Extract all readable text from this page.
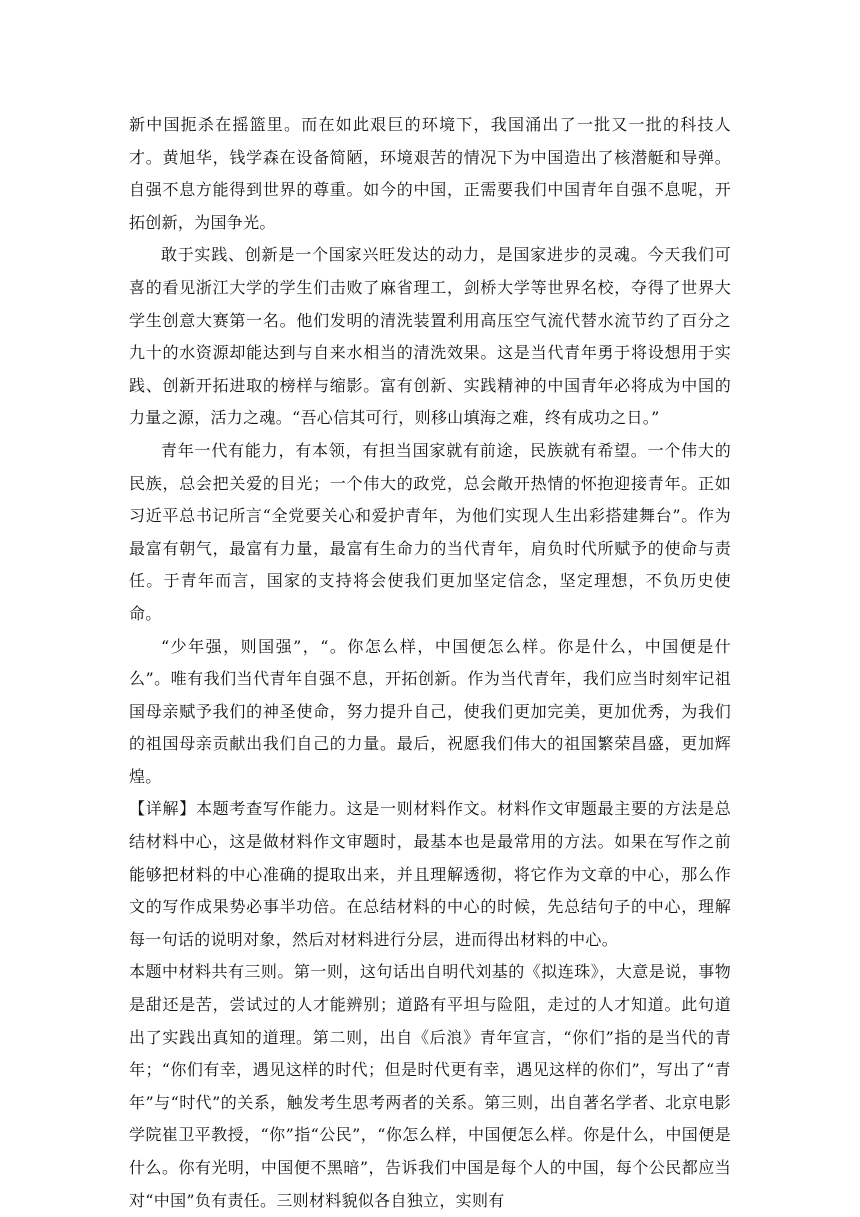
新中国扼杀在摇篮里。而在如此艰巨的环境下，我国涌出了一批又一批的科技人才。黄旭华，钱学森在设备简陋，环境艰苦的情况下为中国造出了核潜艇和导弹。自强不息方能得到世界的尊重。如今的中国，正需要我们中国青年自强不息呢，开拓创新，为国争光。

敢于实践、创新是一个国家兴旺发达的动力，是国家进步的灵魂。今天我们可喜的看见浙江大学的学生们击败了麻省理工，剑桥大学等世界名校，夺得了世界大学生创意大赛第一名。他们发明的清洗装置利用高压空气流代替水流节约了百分之九十的水资源却能达到与自来水相当的清洗效果。这是当代青年勇于将设想用于实践、创新开拓进取的榜样与缩影。富有创新、实践精神的中国青年必将成为中国的力量之源，活力之魂。“吾心信其可行，则移山填海之难，终有成功之日。”

青年一代有能力，有本领，有担当国家就有前途，民族就有希望。一个伟大的民族，总会把关爱的目光；一个伟大的政党，总会敞开热情的怀抱迎接青年。正如习近平总书记所言“全党要关心和爱护青年，为他们实现人生出彩搭建舞台”。作为最富有朝气，最富有力量，最富有生命力的当代青年，肩负时代所赋予的使命与责任。于青年而言，国家的支持将会使我们更加坚定信念，坚定理想，不负历史使命。

“少年强，则国强”，“。你怎么样，中国便怎么样。你是什么，中国便是什么”。唯有我们当代青年自强不息，开拓创新。作为当代青年，我们应当时刻牢记祖国母亲赋予我们的神圣使命，努力提升自己，使我们更加完美，更加优秀，为我们的祖国母亲贡献出我们自己的力量。最后，祝愿我们伟大的祖国繁荣昌盛，更加辉煌。

【详解】本题考查写作能力。这是一则材料作文。材料作文审题最主要的方法是总结材料中心，这是做材料作文审题时，最基本也是最常用的方法。如果在写作之前能够把材料的中心准确的提取出来，并且理解透彻，将它作为文章的中心，那么作文的写作成果势必事半功倍。在总结材料的中心的时候，先总结句子的中心，理解每一句话的说明对象，然后对材料进行分层，进而得出材料的中心。

本题中材料共有三则。第一则，这句话出自明代刘基的《拟连珠》，大意是说，事物是甜还是苦，尝试过的人才能辨别；道路有平坦与险阻，走过的人才知道。此句道出了实践出真知的道理。第二则，出自《后浪》青年宣言，“你们”指的是当代的青年；“你们有幸，遇见这样的时代；但是时代更有幸，遇见这样的你们”，写出了“青年”与“时代”的关系，触发考生思考两者的关系。第三则，出自著名学者、北京电影学院崔卫平教授，“你”指“公民”，“你怎么样，中国便怎么样。你是什么，中国便是什么。你有光明，中国便不黑暗”，告诉我们中国是每个人的中国，每个公民都应当对“中国”负有责任。三则材料貌似各自独立，实则有
